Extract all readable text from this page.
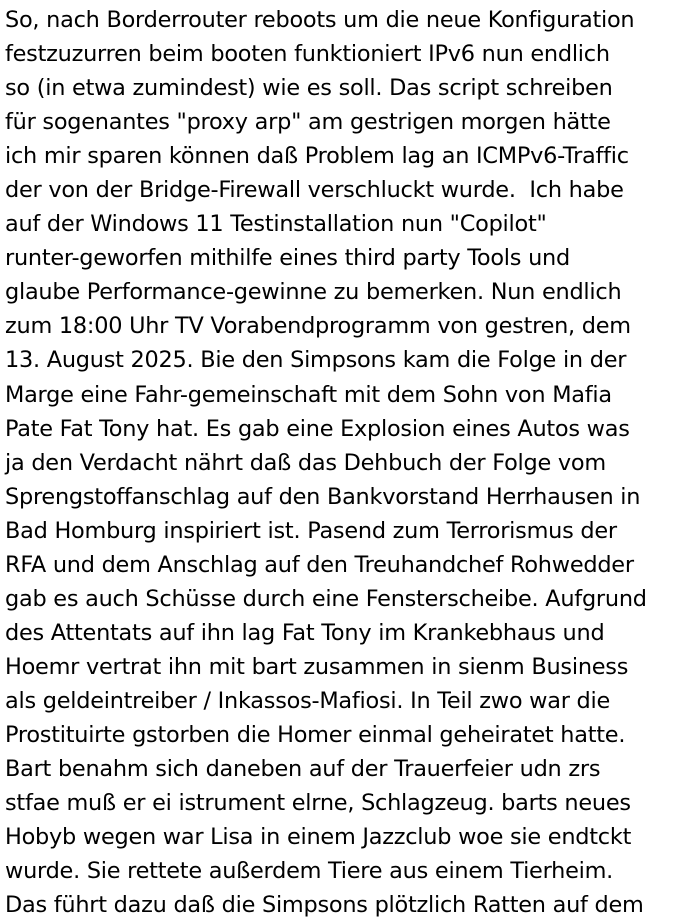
So, nach Borderrouter reboots um die neue Konfiguration
festzuzurren beim booten funktioniert IPv6 nun endlich
so (in etwa zumindest) wie es soll. Das script schreiben
für sogenantes "proxy arp" am gestrigen morgen hätte
ich mir sparen können daß Problem lag an ICMPv6-Traffic
der von der Bridge-Firewall verschluckt wurde.  Ich habe
auf der Windows 11 Testinstallation nun "Copilot"
runter-geworfen mithilfe eines third party Tools und
glaube Performance-gewinne zu bemerken. Nun endlich
zum 18:00 Uhr TV Vorabendprogramm von gestren, dem
13. August 2025. Bie den Simpsons kam die Folge in der
Marge eine Fahr-gemeinschaft mit dem Sohn von Mafia
Pate Fat Tony hat. Es gab eine Explosion eines Autos was
ja den Verdacht nährt daß das Dehbuch der Folge vom
Sprengstoffanschlag auf den Bankvorstand Herrhausen in
Bad Homburg inspiriert ist. Pasend zum Terrorismus der
RFA und dem Anschlag auf den Treuhandchef Rohwedder
gab es auch Schüsse durch eine Fensterscheibe. Aufgrund
des Attentats auf ihn lag Fat Tony im Krankebhaus und
Hoemr vertrat ihn mit bart zusammen in sienm Business
als geldeintreiber / Inkassos-Mafiosi. In Teil zwo war die
Prostituirte gstorben die Homer einmal geheiratet hatte.
Bart benahm sich daneben auf der Trauerfeier udn zrs
stfae muß er ei istrument elrne, Schlagzeug. barts neues
Hobyb wegen war Lisa in einem Jazzclub woe sie endtckt
wurde. Sie rettete außerdem Tiere aus einem Tierheim.
Das führt dazu daß die Simpsons plötzlich Ratten auf dem
